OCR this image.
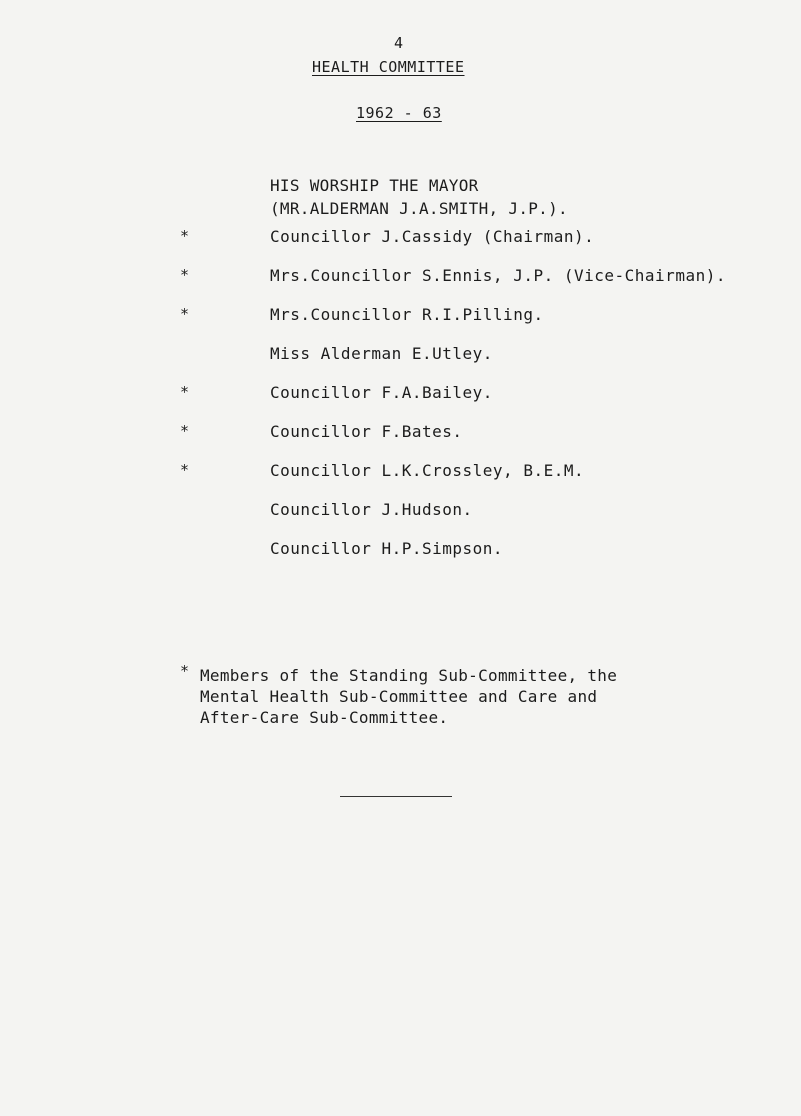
4
HEALTH COMMITTEE
1962 - 63
HIS WORSHIP THE MAYOR
(MR.ALDERMAN J.A.SMITH, J.P.).
*	Councillor J.Cassidy (Chairman).
*	Mrs.Councillor S.Ennis, J.P. (Vice-Chairman).
*	Mrs.Councillor R.I.Pilling.
Miss Alderman E.Utley.
*	Councillor F.A.Bailey.
*	Councillor F.Bates.
*	Councillor L.K.Crossley, B.E.M.
Councillor J.Hudson.
Councillor H.P.Simpson.
* Members of the Standing Sub-Committee, the
Mental Health Sub-Committee and Care and
After-Care Sub-Committee.
